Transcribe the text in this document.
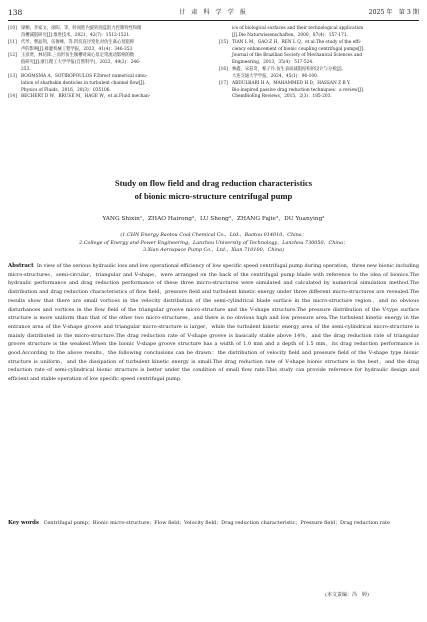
138	甘 肃 科 学 学 报	2025 年　第 3 期
[10] 梁桐，李家文，徐阳，等，时间腔内旋转圆盘阻力控制特性和微
沟槽减阻研究[J].推进技术，2021，42(7)：1512-1521.
[11] 代琴，曹晶剑，伍俊峰，等.凹坑直径变化对仿生离心泵阻抑
声的影响[J].排灌机械工程学报，2023，41(4)：346-353.
[12] 王彦贾，林培锋.三角形仿生微槽对离心泵定常流动影响的数
值研究[J].浙江理工大学学报(自然科学)，2023，49(2)：246-
253.
[13] BOOMSMA A，SOTIROPOULOS F.Direct numerical simu-
lation of sharkskin denticles in turbulent channel flow[J].
Physics of Fluids，2016，28(3)：035106.
[14] BECHERT D W，BRUSE M，HAGE W，et al.Fluid mechan-
ics of biological surfaces and their technological application
[J].Die Naturwissenschaften，2000，87(4)：157-171.
[15] TIAN L M，GAO Z H，REN L Q，et al.The study of the effi-
ciency enhancement of bionic coupling centrifugal pumps[J].
Journal of the Brazilian Society of Mechanical Sciences and
Engineering，2013，35(4)：517-524.
[16] 林鑫，宋兹奇，帐子丹.仿生表面减阻结构的设计与分析[J].
大连交通大学学报，2024，45(1)：96-100.
[17] ABDULBARI H A，MAHAMMED H D，HASSAN Z B Y.
Bio-inspired passive drag reduction techniques：a review[J].
ChemBioEng Reviews，2015，2(3)：185-203.
Study on flow field and drag reduction characteristics
of bionic micro-structure centrifugal pump
YANG Shixin¹，ZHAO Hairong²，LU Sheng²，ZHANG Fajie³，DU Yuanying²
(1.CHN Energy Baotou Coal Chemical Co.，Ltd.，Baotou 014010，China；
2.College of Energy and Power Engineering，Lanzhou University of Technology，Lanzhou 730050，China；
3.Xian Aerospace Pump Co.，Ltd.，Xian 710100，China)
Abstract In view of the serious hydraulic loss and low operational efficiency of low specific speed centrifugal pump during operation，three new bionic including micro-structures，semi-circular，triangular and V-shape，were arranged on the back of the centrifugal pump blade with reference to the idea of bionics.The hydraulic performance and drag reduction performance of these three micro-structures were simulated and calculated by numerical simulation method.The distribution and drag reduction characteristics of flow field，pressure field and turbulent kinetic energy under three different micro-structures are revealed.The results show that there are small vortices in the velocity distribution of the semi-cylindrical blade surface in the micro-structure region，and no obvious disturbances and vortices in the flow field of the triangular groove micro-structure and the V-shape structure.The pressure distribution of the V-type surface structure is more uniform than that of the other two micro-structures，and there is no obvious high and low pressure area.The turbulent kinetic energy in the entrance area of the V-shape groove and triangular micro-structure is larger，while the turbulent kinetic energy area of the semi-cylindrical micro-structure is mainly distributed in the micro-structure.The drag reduction rate of V-shape groove is basically stable above 14%，and the drag reduction rate of triangular groove structure is the weakest.When the bionic V-shape groove structure has a width of 1.0 mm and a depth of 1.5 mm，its drag reduction performance is good.According to the above results，the following conclusions can be drawn：the distribution of velocity field and pressure field of the V-shape type bionic structure is uniform，and the dissipation of turbulent kinetic energy is small.The drag reduction rate of V-shape bionic structure is the best，and the drag reduction rate of semi-cylindrical bionic structure is better under the condition of small flow rate.This study can provide reference for hydraulic design and efficient and stable operation of low specific speed centrifugal pump.
Key words Centrifugal pump；Bionic micro-structure；Flow field；Velocity field；Drag reduction characteristic；Pressure field；Drag reduction rate
(本文责编：冯　婷)
